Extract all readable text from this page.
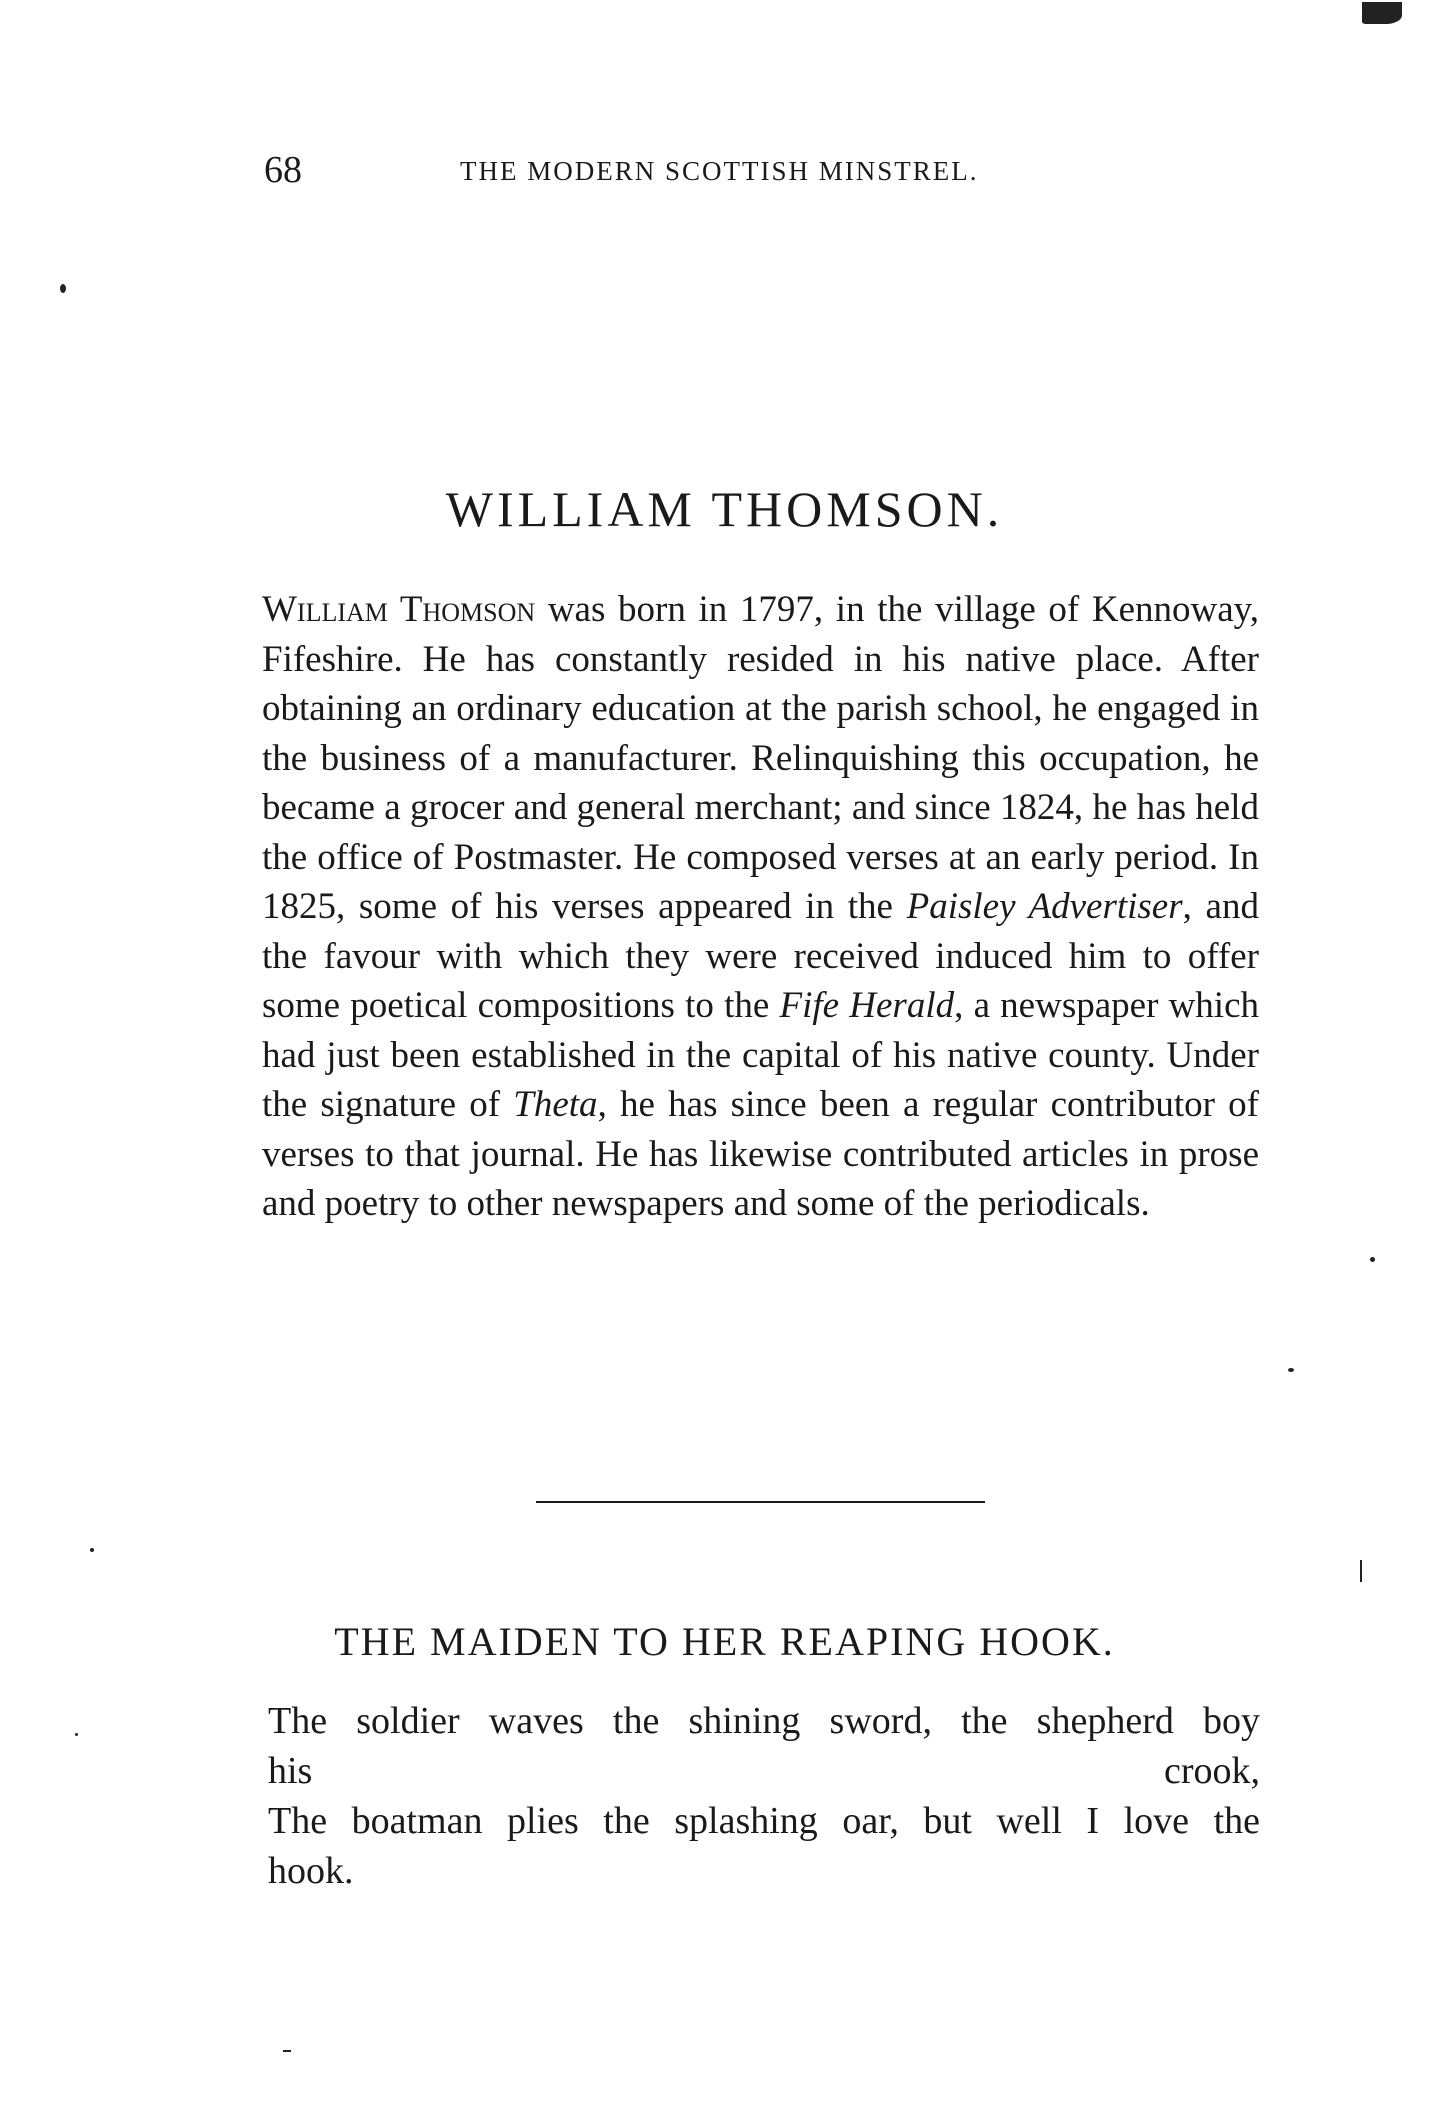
68	THE MODERN SCOTTISH MINSTREL.
WILLIAM THOMSON.

William Thomson was born in 1797, in the village of Kennoway, Fifeshire. He has constantly resided in his native place. After obtaining an ordinary education at the parish school, he engaged in the business of a manufacturer. Relinquishing this occupation, he became a grocer and general merchant; and since 1824, he has held the office of Postmaster. He composed verses at an early period. In 1825, some of his verses appeared in the Paisley Advertiser, and the favour with which they were received induced him to offer some poetical compositions to the Fife Herald, a newspaper which had just been established in the capital of his native county. Under the signature of Theta, he has since been a regular contributor of verses to that journal. He has likewise contributed articles in prose and poetry to other newspapers and some of the periodicals.

THE MAIDEN TO HER REAPING HOOK.
The soldier waves the shining sword, the shepherd boy
his crook,
The boatman plies the splashing oar, but well I love the
hook.
